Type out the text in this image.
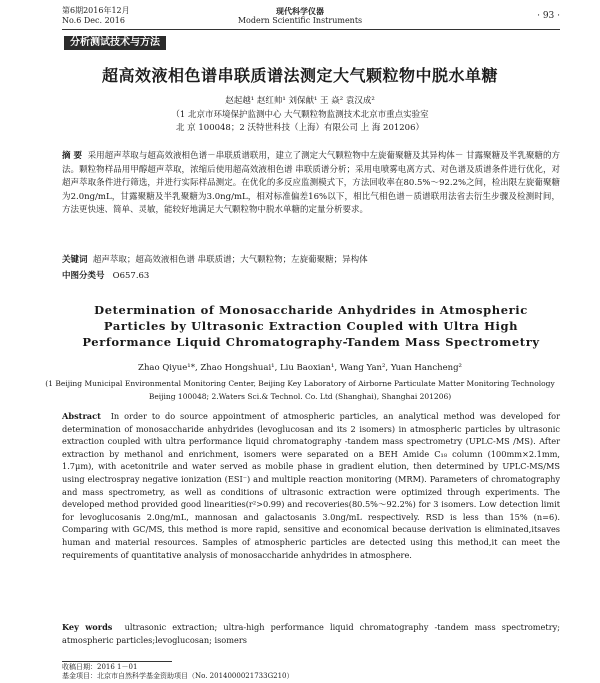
第6期2016年12月
No.6 Dec. 2016
现代科学仪器
Modern Scientific Instruments	· 93 ·
分析测试技术与方法
超高效液相色谱串联质谱法测定大气颗粒物中脱水单糖
赵起越¹ 赵红帅¹ 刘保献¹ 王 焱² 袁汉成²
（1 北京市环境保护监测中心 大气颗粒物监测技术北京市重点实验室
北 京 100048；2 沃特世科技（上海）有限公司 上 海 201206）
摘 要 采用超声萃取与超高效液相色谱－串联质谱联用，建立了测定大气颗粒物中左旋葡聚糖及其异构体－ 甘露聚糖及半乳聚糖的方法。颗粒物样品用甲醇超声萃取，浓缩后使用超高效液相色谱 串联质谱分析；采用电喷雾电离方式、对色谱及质谱条件进行优化，对超声萃取条件进行筛选，并进行实际样品测定。在优化的多反应监测模式下，方法回收率在80.5%～92.2%之间，检出限左旋葡聚糖为2.0ng/mL，甘露聚糖及半乳聚糖为3.0ng/mL，相对标准偏差16%以下，相比气相色谱－质谱联用法省去衍生步骤及检测时间，方法更快速、简单、灵敏，能较好地满足大气颗粒物中脱水单糖的定量分析要求。
关键词 超声萃取；超高效液相色谱 串联质谱；大气颗粒物；左旋葡聚糖；异构体
中图分类号 O657.63
Determination of Monosaccharide Anhydrides in Atmospheric Particles by Ultrasonic Extraction Coupled with Ultra High Performance Liquid Chromatography-Tandem Mass Spectrometry
Zhao Qiyue¹*, Zhao Hongshuai¹, Liu Baoxian¹, Wang Yan², Yuan Hancheng²
(1 Beijing Municipal Environmental Monitoring Center, Beijing Key Laboratory of Airborne Particulate Matter Monitoring Technology
Beijing 100048; 2.Waters Sci.& Technol. Co. Ltd (Shanghai), Shanghai 201206)
Abstract In order to do source appointment of atmospheric particles, an analytical method was developed for determination of monosaccharide anhydrides (levoglucosan and its 2 isomers) in atmospheric particles by ultrasonic extraction coupled with ultra performance liquid chromatography -tandem mass spectrometry (UPLC-MS /MS). After extraction by methanol and enrichment, isomers were separated on a BEH Amide C₁₈ column (100mm×2.1mm, 1.7μm), with acetonitrile and water served as mobile phase in gradient elution, then determined by UPLC-MS/MS using electrospray negative ionization (ESI⁻) and multiple reaction monitoring (MRM). Parameters of chromatography and mass spectrometry, as well as conditions of ultrasonic extraction were optimized through experiments. The developed method provided good linearities(r²>0.99) and recoveries(80.5%～92.2%) for 3 isomers. Low detection limit for levoglucosanis 2.0ng/mL, mannosan and galactosanis 3.0ng/mL respectively. RSD is less than 15% (n=6). Comparing with GC/MS, this method is more rapid, sensitive and economical because derivation is eliminated,itsaves human and material resources. Samples of atmospheric particles are detected using this method,it can meet the requirements of quantitative analysis of monosaccharide anhydrides in atmosphere.
Key words ultrasonic extraction; ultra-high performance liquid chromatography -tandem mass spectrometry; atmospheric particles;levoglucosan; isomers
收稿日期：2016 1－01
基金项目：北京市自然科学基金资助项目（No. 2014000021733G210）
